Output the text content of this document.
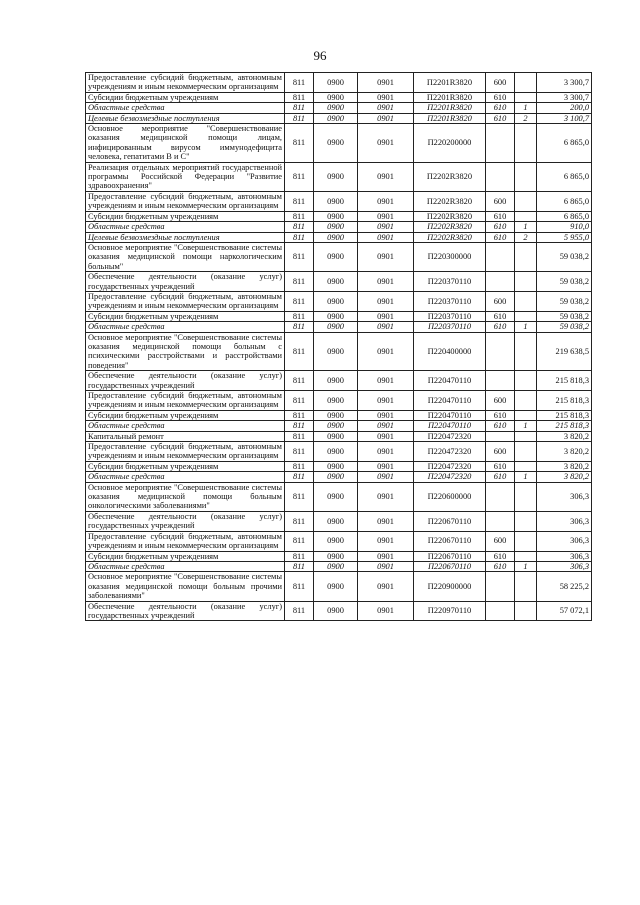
96
Предоставление субсидий бюджетным, автономным учреждениям и иным некоммерческим организациям	811	0900	0901	П2201R3820	600		3 300,7
Субсидии бюджетным учреждениям	811	0900	0901	П2201R3820	610		3 300,7
Областные средства	811	0900	0901	П2201R3820	610	1	200,0
Целевые безвозмездные поступления	811	0900	0901	П2201R3820	610	2	3 100,7
Основное мероприятие "Совершенствование оказания медицинской помощи лицам, инфицированным вирусом иммунодефицита человека, гепатитами B и C"	811	0900	0901	П220200000			6 865,0
Реализация отдельных мероприятий государственной программы Российской Федерации "Развитие здравоохранения"	811	0900	0901	П2202R3820			6 865,0
Предоставление субсидий бюджетным, автономным учреждениям и иным некоммерческим организациям	811	0900	0901	П2202R3820	600		6 865,0
Субсидии бюджетным учреждениям	811	0900	0901	П2202R3820	610		6 865,0
Областные средства	811	0900	0901	П2202R3820	610	1	910,0
Целевые безвозмездные поступления	811	0900	0901	П2202R3820	610	2	5 955,0
Основное мероприятие "Совершенствование системы оказания медицинской помощи наркологическим больным"	811	0900	0901	П220300000			59 038,2
Обеспечение деятельности (оказание услуг) государственных учреждений	811	0900	0901	П220370110			59 038,2
Предоставление субсидий бюджетным, автономным учреждениям и иным некоммерческим организациям	811	0900	0901	П220370110	600		59 038,2
Субсидии бюджетным учреждениям	811	0900	0901	П220370110	610		59 038,2
Областные средства	811	0900	0901	П220370110	610	1	59 038,2
Основное мероприятие "Совершенствование системы оказания медицинской помощи больным с психическими расстройствами и расстройствами поведения"	811	0900	0901	П220400000			219 638,5
Обеспечение деятельности (оказание услуг) государственных учреждений	811	0900	0901	П220470110			215 818,3
Предоставление субсидий бюджетным, автономным учреждениям и иным некоммерческим организациям	811	0900	0901	П220470110	600		215 818,3
Субсидии бюджетным учреждениям	811	0900	0901	П220470110	610		215 818,3
Областные средства	811	0900	0901	П220470110	610	1	215 818,3
Капитальный ремонт	811	0900	0901	П220472320			3 820,2
Предоставление субсидий бюджетным, автономным учреждениям и иным некоммерческим организациям	811	0900	0901	П220472320	600		3 820,2
Субсидии бюджетным учреждениям	811	0900	0901	П220472320	610		3 820,2
Областные средства	811	0900	0901	П220472320	610	1	3 820,2
Основное мероприятие "Совершенствование системы оказания медицинской помощи больным онкологическими заболеваниями"	811	0900	0901	П220600000			306,3
Обеспечение деятельности (оказание услуг) государственных учреждений	811	0900	0901	П220670110			306,3
Предоставление субсидий бюджетным, автономным учреждениям и иным некоммерческим организациям	811	0900	0901	П220670110	600		306,3
Субсидии бюджетным учреждениям	811	0900	0901	П220670110	610		306,3
Областные средства	811	0900	0901	П220670110	610	1	306,3
Основное мероприятие "Совершенствование системы оказания медицинской помощи больным прочими заболеваниями"	811	0900	0901	П220900000			58 225,2
Обеспечение деятельности (оказание услуг) государственных учреждений	811	0900	0901	П220970110			57 072,1
